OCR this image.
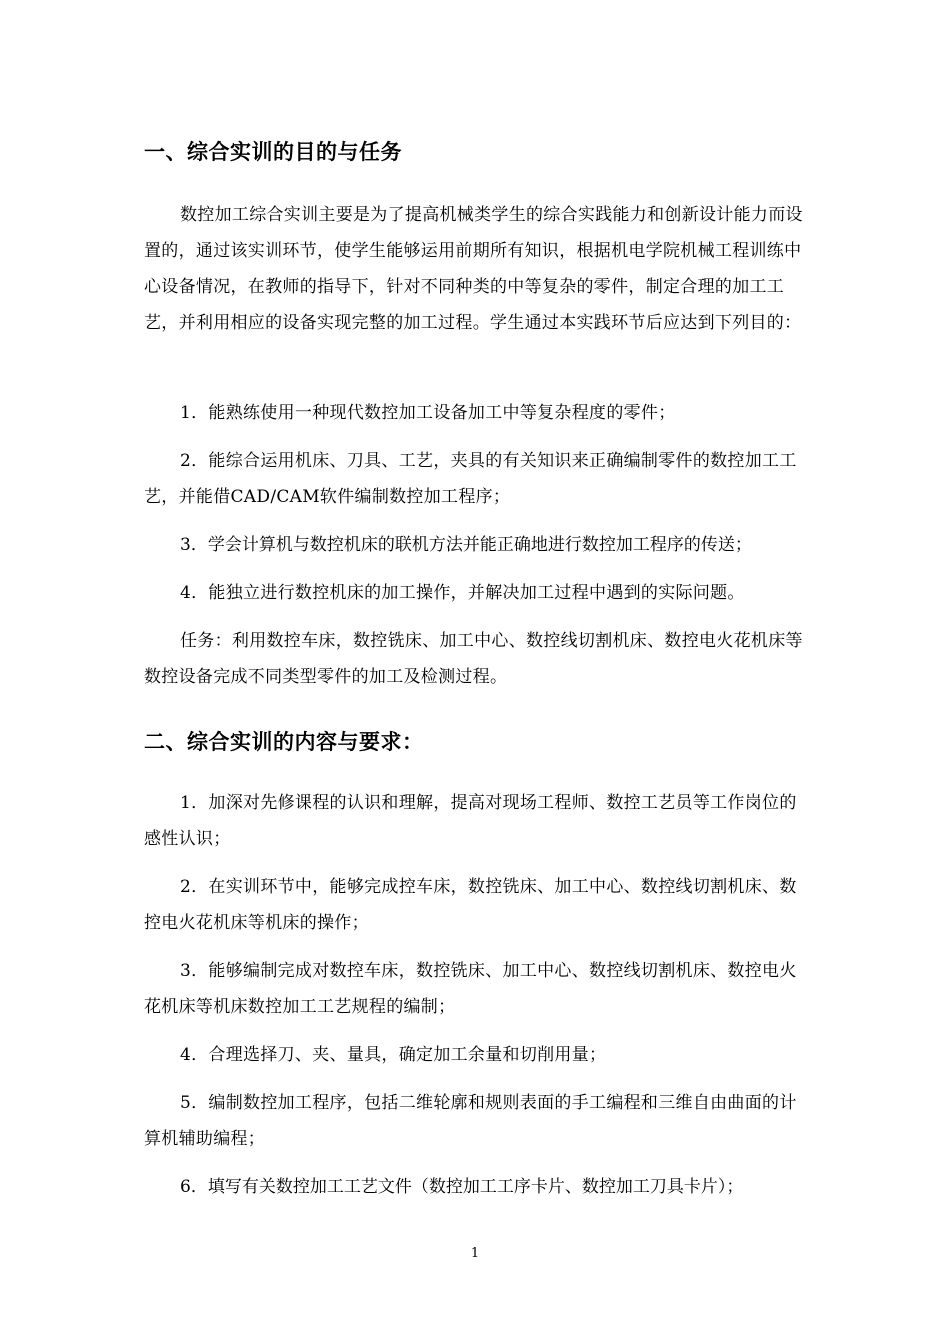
一、综合实训的目的与任务

数控加工综合实训主要是为了提高机械类学生的综合实践能力和创新设计能力而设置的，通过该实训环节，使学生能够运用前期所有知识，根据机电学院机械工程训练中心设备情况，在教师的指导下，针对不同种类的中等复杂的零件，制定合理的加工工艺，并利用相应的设备实现完整的加工过程。学生通过本实践环节后应达到下列目的：

1．能熟练使用一种现代数控加工设备加工中等复杂程度的零件；

2．能综合运用机床、刀具、工艺，夹具的有关知识来正确编制零件的数控加工工艺，并能借CAD/CAM软件编制数控加工程序；

3．学会计算机与数控机床的联机方法并能正确地进行数控加工程序的传送；

4．能独立进行数控机床的加工操作，并解决加工过程中遇到的实际问题。

任务：利用数控车床，数控铣床、加工中心、数控线切割机床、数控电火花机床等数控设备完成不同类型零件的加工及检测过程。

二、综合实训的内容与要求：

1．加深对先修课程的认识和理解，提高对现场工程师、数控工艺员等工作岗位的感性认识；

2．在实训环节中，能够完成控车床，数控铣床、加工中心、数控线切割机床、数控电火花机床等机床的操作；

3．能够编制完成对数控车床，数控铣床、加工中心、数控线切割机床、数控电火花机床等机床数控加工工艺规程的编制；

4．合理选择刀、夹、量具，确定加工余量和切削用量；

5．编制数控加工程序，包括二维轮廓和规则表面的手工编程和三维自由曲面的计算机辅助编程；

6．填写有关数控加工工艺文件（数控加工工序卡片、数控加工刀具卡片）；

1
